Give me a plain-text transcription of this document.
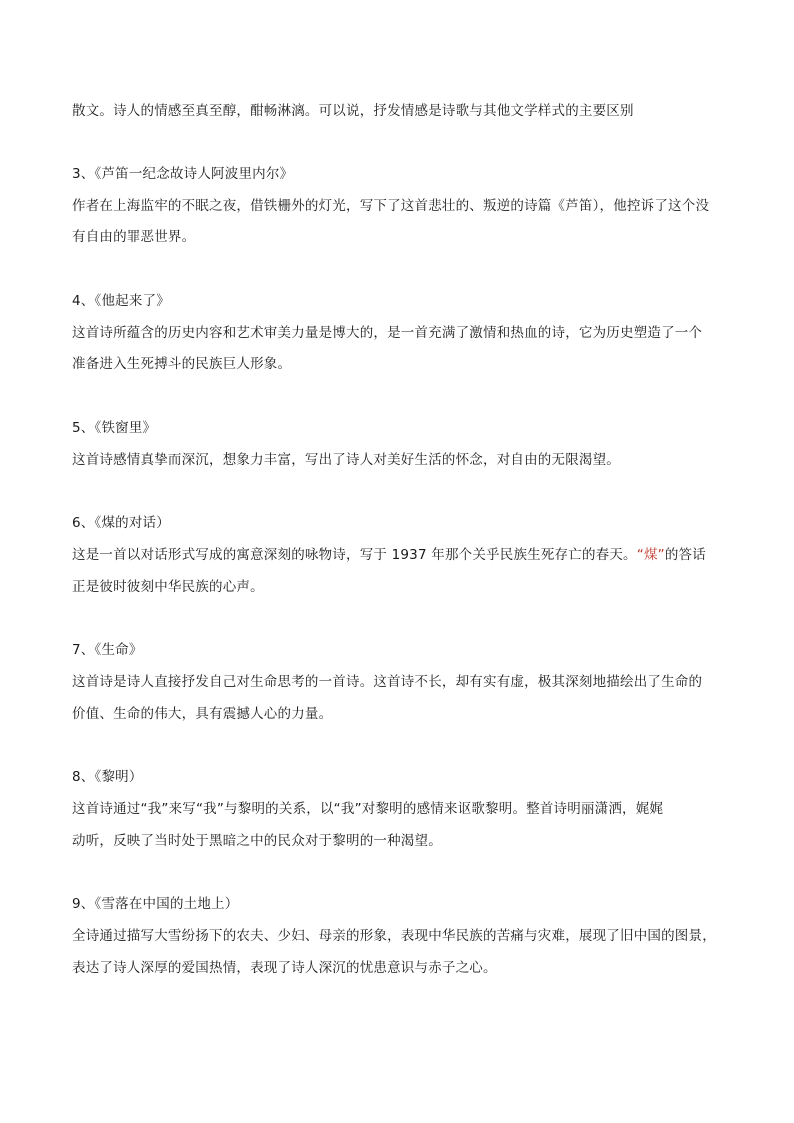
散文。诗人的情感至真至醇，酣畅淋漓。可以说，抒发情感是诗歌与其他文学样式的主要区别
3、《芦笛一纪念故诗人阿波里内尔》
作者在上海监牢的不眠之夜，借铁栅外的灯光，写下了这首悲壮的、叛逆的诗篇《芦笛），他控诉了这个没
有自由的罪恶世界。
4、《他起来了》
这首诗所蕴含的历史内容和艺术审美力量是博大的，是一首充满了激情和热血的诗，它为历史塑造了一个
准备进入生死搏斗的民族巨人形象。
5、《铁窗里》
这首诗感情真挚而深沉，想象力丰富，写出了诗人对美好生活的怀念，对自由的无限渴望。
6、《煤的对话）
这是一首以对话形式写成的寓意深刻的咏物诗，写于 1937 年那个关乎民族生死存亡的春天。“煤”的答话
正是彼时彼刻中华民族的心声。
7、《生命》
这首诗是诗人直接抒发自己对生命思考的一首诗。这首诗不长，却有实有虚，极其深刻地描绘出了生命的
价值、生命的伟大，具有震撼人心的力量。
8、《黎明）
这首诗通过“我”来写“我”与黎明的关系，以“我”对黎明的感情来讴歌黎明。整首诗明丽潇洒，娓娓
动听，反映了当时处于黑暗之中的民众对于黎明的一种渴望。
9、《雪落在中国的土地上）
全诗通过描写大雪纷扬下的农夫、少妇、母亲的形象，表现中华民族的苦痛与灾难，展现了旧中国的图景，
表达了诗人深厚的爱国热情，表现了诗人深沉的忧患意识与赤子之心。
